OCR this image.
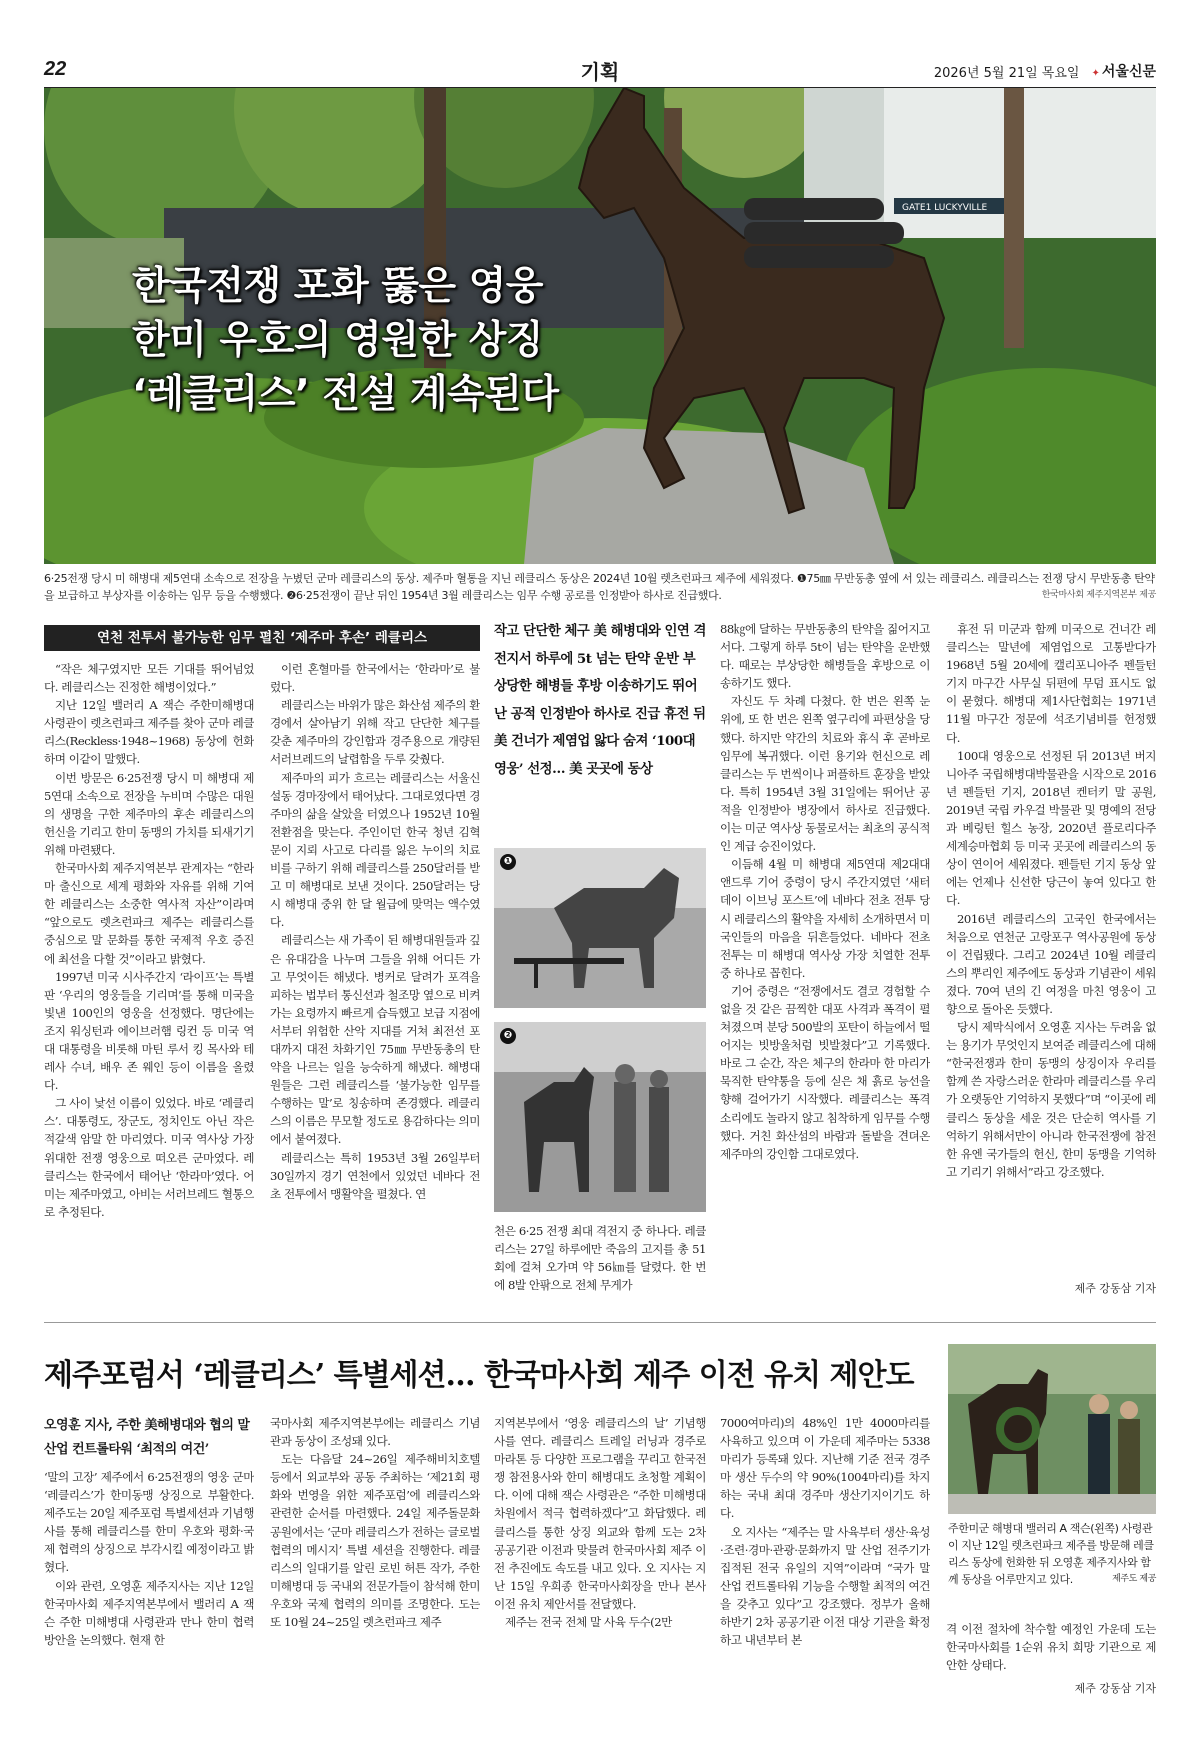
22	기획	2026년 5월 21일 목요일
✦	서울신문
GATE1 LUCKYVILLE
한국전쟁 포화 뚫은 영웅
한미 우호의 영원한 상징
‘레클리스’ 전설 계속된다
6·25전쟁 당시 미 해병대 제5연대 소속으로 전장을 누볐던 군마 레클리스의 동상. 제주마 혈통을 지닌 레클리스 동상은 2024년 10월 렛츠런파크 제주에 세워졌다. ❶75㎜ 무반동총 옆에 서 있는 레클리스. 레클리스는 전쟁 당시 무반동총 탄약을 보급하고 부상자를 이송하는 임무 등을 수행했다. ❷6·25전쟁이 끝난 뒤인 1954년 3월 레클리스는 임무 수행 공로를 인정받아 하사로 진급했다.	한국마사회 제주지역본부 제공
연천 전투서 불가능한 임무 펼친 ‘제주마 후손’ 레클리스

“작은 체구였지만 모든 기대를 뛰어넘었다. 레클리스는 진정한 해병이었다.”

지난 12일 밸러리 A 잭슨 주한미해병대 사령관이 렛츠런파크 제주를 찾아 군마 레클리스(Reckless·1948~1968) 동상에 헌화하며 이같이 말했다.

이번 방문은 6·25전쟁 당시 미 해병대 제5연대 소속으로 전장을 누비며 수많은 대원의 생명을 구한 제주마의 후손 레클리스의 헌신을 기리고 한미 동맹의 가치를 되새기기 위해 마련됐다.

한국마사회 제주지역본부 관계자는 “한라마 출신으로 세계 평화와 자유를 위해 기여한 레클리스는 소중한 역사적 자산”이라며 “앞으로도 렛츠런파크 제주는 레클리스를 중심으로 말 문화를 통한 국제적 우호 증진에 최선을 다할 것”이라고 밝혔다.

1997년 미국 시사주간지 ‘라이프’는 특별판 ‘우리의 영웅들을 기리며’를 통해 미국을 빛낸 100인의 영웅을 선정했다. 명단에는 조지 워싱턴과 에이브러햄 링컨 등 미국 역대 대통령을 비롯해 마틴 루서 킹 목사와 테레사 수녀, 배우 존 웨인 등이 이름을 올렸다.

그 사이 낯선 이름이 있었다. 바로 ‘레클리스’. 대통령도, 장군도, 정치인도 아닌 작은 적갈색 암말 한 마리였다. 미국 역사상 가장 위대한 전쟁 영웅으로 떠오른 군마였다. 레클리스는 한국에서 태어난 ‘한라마’였다. 어미는 제주마였고, 아비는 서러브레드 혈통으로 추정된다.

이런 혼혈마를 한국에서는 ‘한라마’로 불렀다.

레클리스는 바위가 많은 화산섬 제주의 환경에서 살아남기 위해 작고 단단한 체구를 갖춘 제주마의 강인함과 경주용으로 개량된 서러브레드의 날렵함을 두루 갖췄다.

제주마의 피가 흐르는 레클리스는 서울신설동 경마장에서 태어났다. 그대로였다면 경주마의 삶을 살았을 터였으나 1952년 10월 전환점을 맞는다. 주인이던 한국 청년 김혁문이 지뢰 사고로 다리를 잃은 누이의 치료비를 구하기 위해 레클리스를 250달러를 받고 미 해병대로 보낸 것이다. 250달러는 당시 해병대 중위 한 달 월급에 맞먹는 액수였다.

레클리스는 새 가족이 된 해병대원들과 깊은 유대감을 나누며 그들을 위해 어디든 가고 무엇이든 해냈다. 병커로 달려가 포격을 피하는 법부터 통신선과 철조망 옆으로 비켜가는 요령까지 빠르게 습득했고 보급 지점에서부터 위험한 산악 지대를 거쳐 최전선 포대까지 대전 차화기인 75㎜ 무반동총의 탄약을 나르는 일을 능숙하게 해냈다. 해병대원들은 그런 레클리스를 ‘불가능한 임무를 수행하는 말’로 칭송하며 존경했다. 레클리스의 이름은 무모할 정도로 용감하다는 의미에서 붙여졌다.

레클리스는 특히 1953년 3월 26일부터 30일까지 경기 연천에서 있었던 네바다 전초 전투에서 맹활약을 펼쳤다. 연

작고 단단한 체구 美 해병대와 인연 격전지서 하루에 5t 넘는 탄약 운반 부상당한 해병들 후방 이송하기도 뛰어난 공적 인정받아 하사로 진급 휴전 뒤 美 건너가 제염업 앓다 숨져 ‘100대 영웅’ 선정… 美 곳곳에 동상
❶
❷

천은 6·25 전쟁 최대 격전지 중 하나다. 레클리스는 27일 하루에만 죽음의 고지를 총 51회에 걸쳐 오가며 약 56㎞를 달렸다. 한 번에 8발 안팎으로 전체 무게가

88㎏에 달하는 무반동총의 탄약을 짊어지고서다. 그렇게 하루 5t이 넘는 탄약을 운반했다. 때로는 부상당한 해병들을 후방으로 이송하기도 했다.

자신도 두 차례 다쳤다. 한 번은 왼쪽 눈 위에, 또 한 번은 왼쪽 옆구리에 파편상을 당했다. 하지만 약간의 치료와 휴식 후 곧바로 임무에 복귀했다. 이런 용기와 헌신으로 레클리스는 두 번씩이나 퍼플하트 훈장을 받았다. 특히 1954년 3월 31일에는 뛰어난 공적을 인정받아 병장에서 하사로 진급했다. 이는 미군 역사상 동물로서는 최초의 공식적인 계급 승진이었다.

이듬해 4월 미 해병대 제5연대 제2대대 앤드루 기어 중령이 당시 주간지였던 ‘새터데이 이브닝 포스트’에 네바다 전초 전투 당시 레클리스의 활약을 자세히 소개하면서 미국인들의 마음을 뒤흔들었다. 네바다 전초 전투는 미 해병대 역사상 가장 치열한 전투 중 하나로 꼽힌다.

기어 중령은 “전쟁에서도 결코 경험할 수 없을 것 같은 끔찍한 대포 사격과 폭격이 펼쳐졌으며 분당 500발의 포탄이 하늘에서 떨어지는 빗방울처럼 빗발쳤다”고 기록했다. 바로 그 순간, 작은 체구의 한라마 한 마리가 묵직한 탄약통을 등에 싣은 채 흙로 능선을 향해 걸어가기 시작했다. 레클리스는 폭격 소리에도 놀라지 않고 침착하게 임무를 수행했다. 거친 화산섬의 바람과 돌밭을 견뎌온 제주마의 강인함 그대로였다.

휴전 뒤 미군과 함께 미국으로 건너간 레클리스는 말년에 제염업으로 고통받다가 1968년 5월 20세에 캘리포니아주 펜들턴 기지 마구간 사무실 뒤편에 무덤 표시도 없이 묻혔다. 해병대 제1사단협회는 1971년 11월 마구간 정문에 석조기념비를 헌정했다.

100대 영웅으로 선정된 뒤 2013년 버지니아주 국립해병대박물관을 시작으로 2016년 펜들턴 기지, 2018년 켄터키 말 공원, 2019년 국립 카우걸 박물관 및 명예의 전당과 베링턴 힐스 농장, 2020년 플로리다주 세계승마협회 등 미국 곳곳에 레클리스의 동상이 연이어 세워졌다. 펜들턴 기지 동상 앞에는 언제나 신선한 당근이 놓여 있다고 한다.

2016년 레클리스의 고국인 한국에서는 처음으로 연천군 고랑포구 역사공원에 동상이 건립됐다. 그리고 2024년 10월 레클리스의 뿌리인 제주에도 동상과 기념관이 세워졌다. 70여 년의 긴 여정을 마친 영웅이 고향으로 돌아온 듯했다.

당시 제막식에서 오영훈 지사는 두려움 없는 용기가 무엇인지 보여준 레클리스에 대해 “한국전쟁과 한미 동맹의 상징이자 우리를 함께 쓴 자랑스러운 한라마 레클리스를 우리가 오랫동안 기억하지 못했다”며 “이곳에 레클리스 동상을 세운 것은 단순히 역사를 기억하기 위해서만이 아니라 한국전쟁에 참전한 유엔 국가들의 헌신, 한미 동맹을 기억하고 기리기 위해서”라고 강조했다.

제주 강동삼 기자
제주포럼서 ‘레클리스’ 특별세션… 한국마사회 제주 이전 유치 제안도
오영훈 지사, 주한 美해병대와 협의 말 산업 컨트롤타워 ‘최적의 여건’

‘말의 고장’ 제주에서 6·25전쟁의 영웅 군마 ‘레클리스’가 한미동맹 상징으로 부활한다. 제주도는 20일 제주포럼 특별세션과 기념행사를 통해 레클리스를 한미 우호와 평화·국제 협력의 상징으로 부각시킬 예정이라고 밝혔다.

이와 관련, 오영훈 제주지사는 지난 12일 한국마사회 제주지역본부에서 밸러리 A 잭슨 주한 미해병대 사령관과 만나 한미 협력 방안을 논의했다. 현재 한

국마사회 제주지역본부에는 레클리스 기념관과 동상이 조성돼 있다.

도는 다음달 24~26일 제주해비치호텔 등에서 외교부와 공동 주최하는 ‘제21회 평화와 번영을 위한 제주포럼’에 레클리스와 관련한 순서를 마련했다. 24일 제주돌문화공원에서는 ‘군마 레클리스가 전하는 글로벌 협력의 메시지’ 특별 세션을 진행한다. 레클리스의 일대기를 알린 로빈 허튼 작가, 주한 미해병대 등 국내외 전문가들이 참석해 한미 우호와 국제 협력의 의미를 조명한다. 도는 또 10월 24~25일 렛츠런파크 제주

지역본부에서 ‘영웅 레클리스의 날’ 기념행사를 연다. 레클리스 트레일 러닝과 경주로 마라톤 등 다양한 프로그램을 꾸리고 한국전쟁 참전용사와 한미 해병대도 초청할 계획이다. 이에 대해 잭슨 사령관은 “주한 미해병대 차원에서 적극 협력하겠다”고 화답했다. 레클리스를 통한 상징 외교와 함께 도는 2차 공공기관 이전과 맞물려 한국마사회 제주 이전 추진에도 속도를 내고 있다. 오 지사는 지난 15일 우희종 한국마사회장을 만나 본사 이전 유치 제안서를 전달했다.

제주는 전국 전체 말 사육 두수(2만

7000여마리)의 48%인 1만 4000마리를 사육하고 있으며 이 가운데 제주마는 5338마리가 등록돼 있다. 지난해 기준 전국 경주마 생산 두수의 약 90%(1004마리)를 차지하는 국내 최대 경주마 생산기지이기도 하다.

오 지사는 “제주는 말 사육부터 생산·육성·조련·경마·관광·문화까지 말 산업 전주기가 집적된 전국 유일의 지역”이라며 “국가 말 산업 컨트롤타워 기능을 수행할 최적의 여건을 갖추고 있다”고 강조했다. 정부가 올해 하반기 2차 공공기관 이전 대상 기관을 확정하고 내년부터 본

주한미군 해병대 밸러리 A 잭슨(왼쪽) 사령관이 지난 12일 렛츠런파크 제주를 방문해 레클리스 동상에 헌화한 뒤 오영훈 제주지사와 함께 동상을 어루만지고 있다.	제주도 제공

격 이전 절차에 착수할 예정인 가운데 도는 한국마사회를 1순위 유치 희망 기관으로 제안한 상태다.

제주 강동삼 기자
